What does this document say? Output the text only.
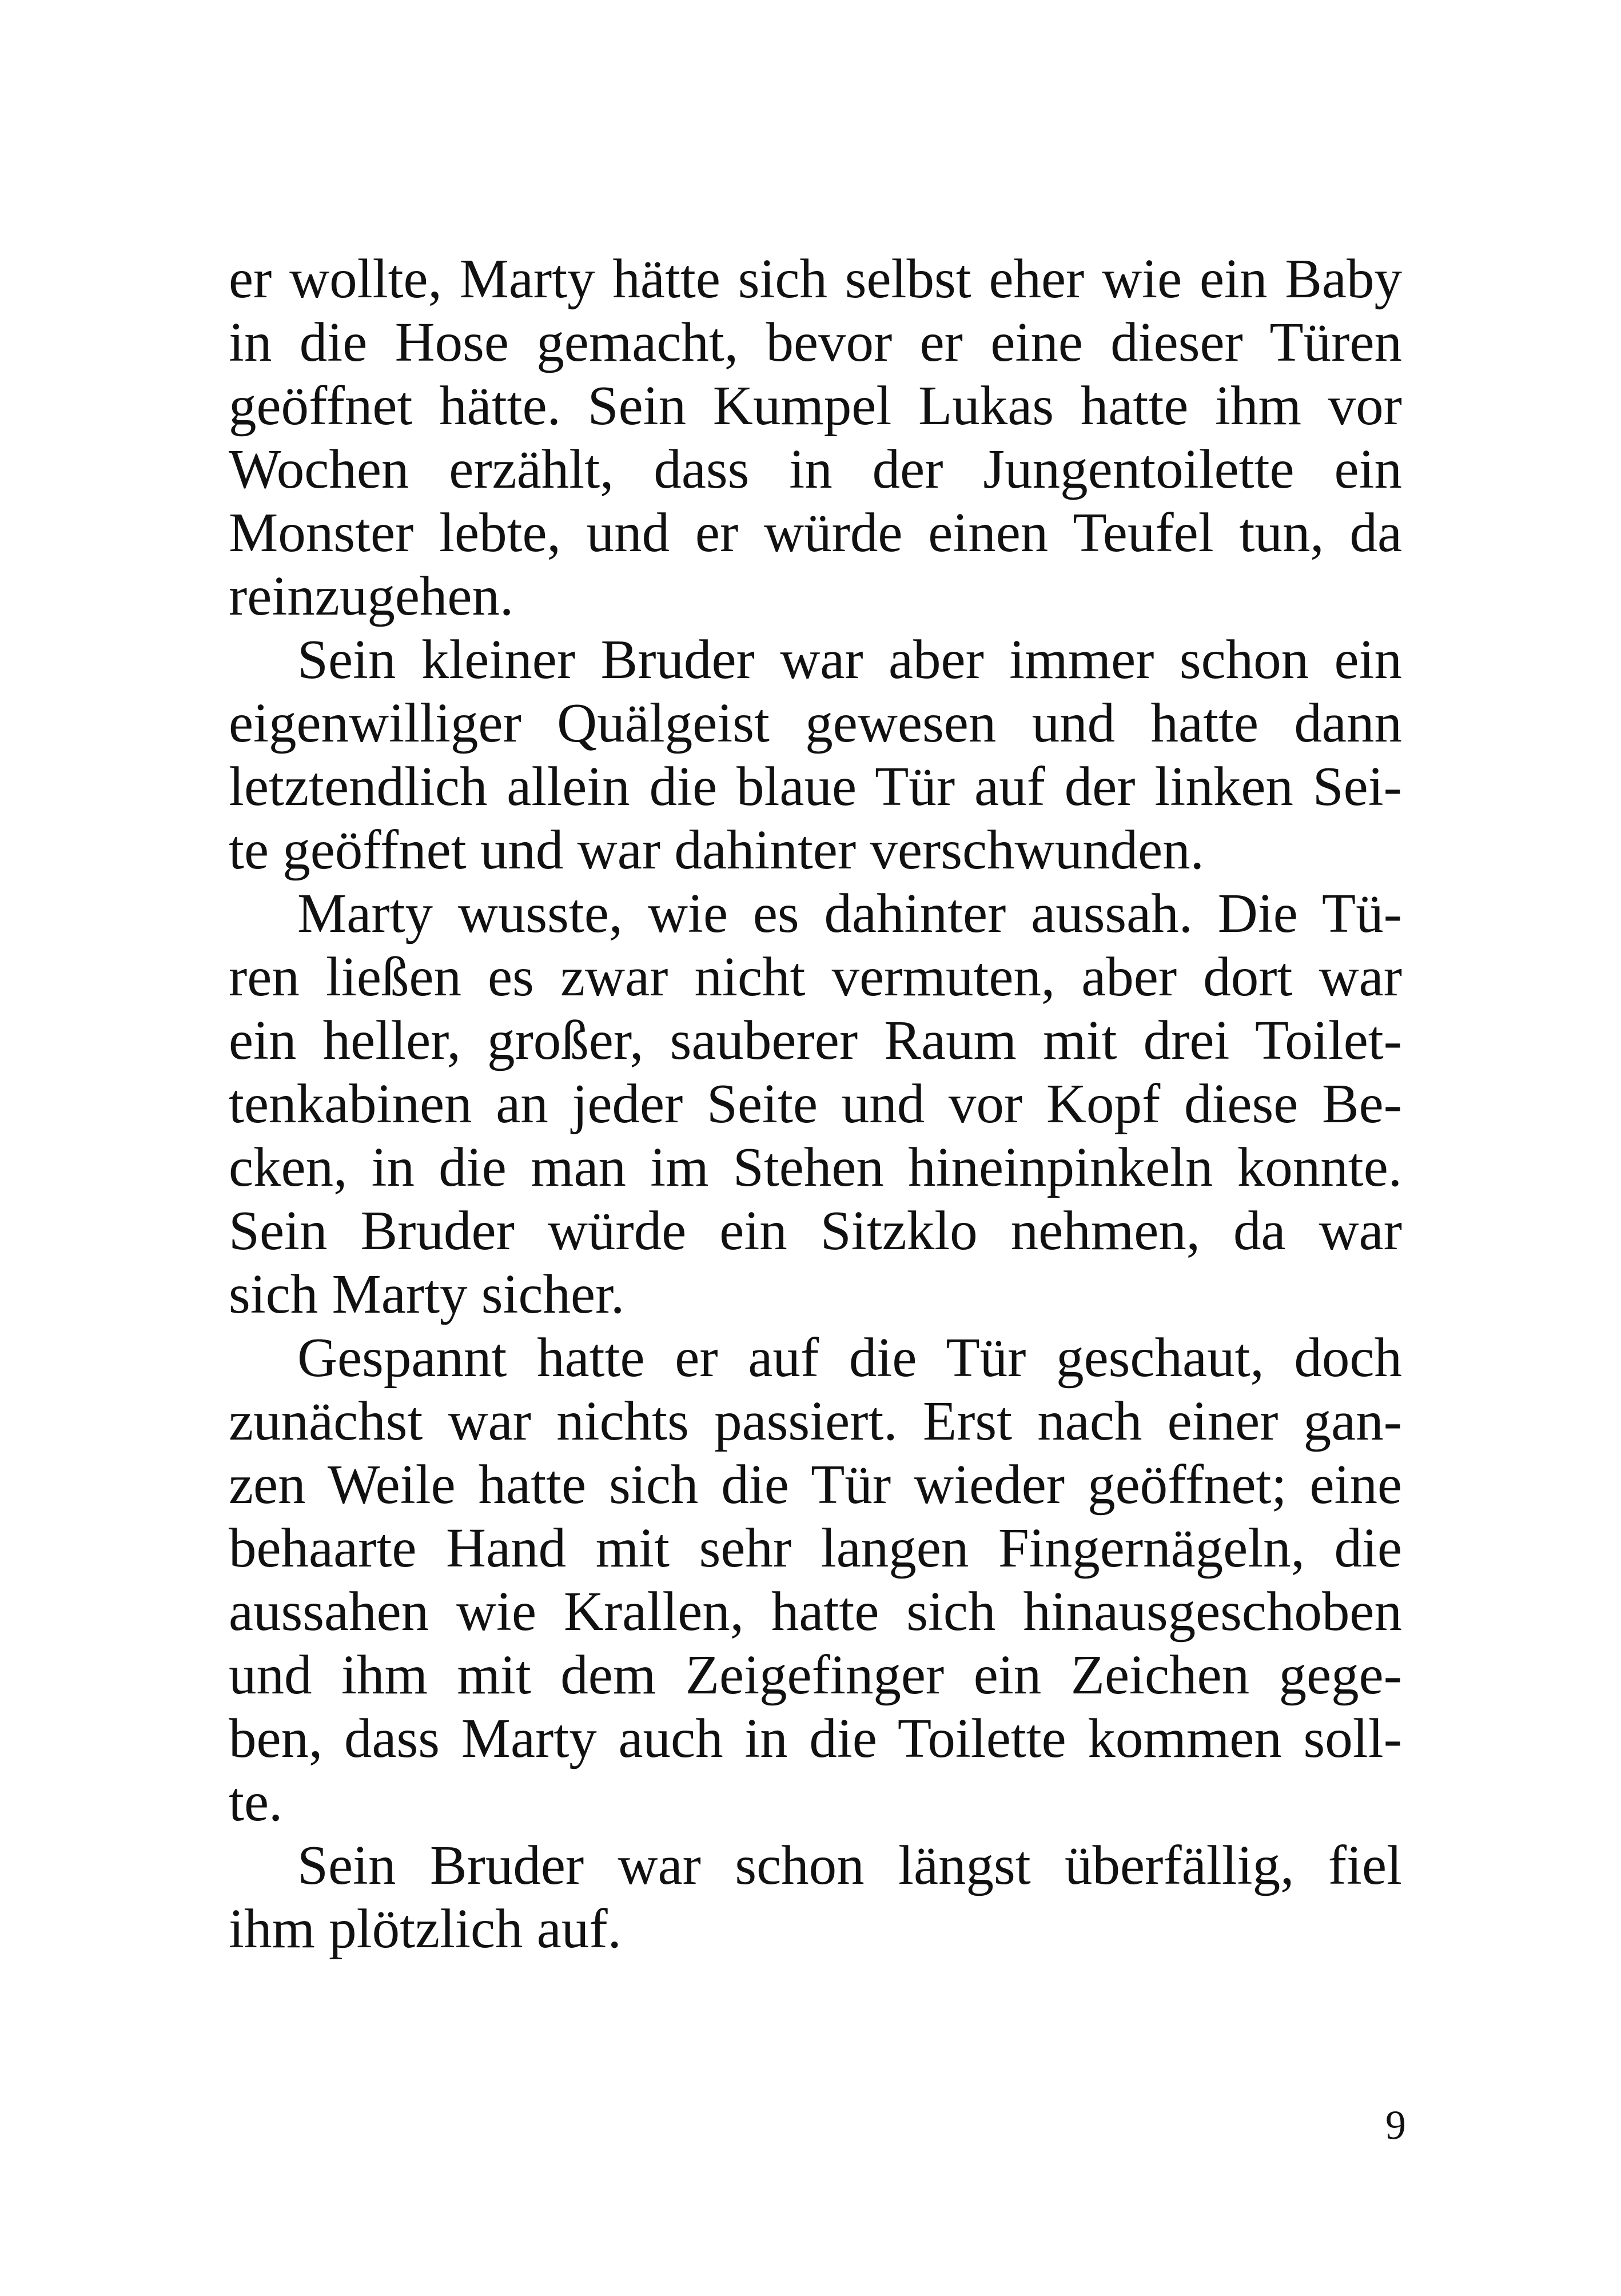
er wollte, Marty hätte sich selbst eher wie ein Baby
in die Hose gemacht, bevor er eine dieser Türen
geöffnet hätte. Sein Kumpel Lukas hatte ihm vor
Wochen erzählt, dass in der Jungentoilette ein
Monster lebte, und er würde einen Teufel tun, da
reinzugehen.
Sein kleiner Bruder war aber immer schon ein
eigenwilliger Quälgeist gewesen und hatte dann
letztendlich allein die blaue Tür auf der linken Sei-
te geöffnet und war dahinter verschwunden.
Marty wusste, wie es dahinter aussah. Die Tü-
ren ließen es zwar nicht vermuten, aber dort war
ein heller, großer, sauberer Raum mit drei Toilet-
tenkabinen an jeder Seite und vor Kopf diese Be-
cken, in die man im Stehen hineinpinkeln konnte.
Sein Bruder würde ein Sitzklo nehmen, da war
sich Marty sicher.
Gespannt hatte er auf die Tür geschaut, doch
zunächst war nichts passiert. Erst nach einer gan-
zen Weile hatte sich die Tür wieder geöffnet; eine
behaarte Hand mit sehr langen Fingernägeln, die
aussahen wie Krallen, hatte sich hinausgeschoben
und ihm mit dem Zeigefinger ein Zeichen gege-
ben, dass Marty auch in die Toilette kommen soll-
te.
Sein Bruder war schon längst überfällig, fiel
ihm plötzlich auf.
9
